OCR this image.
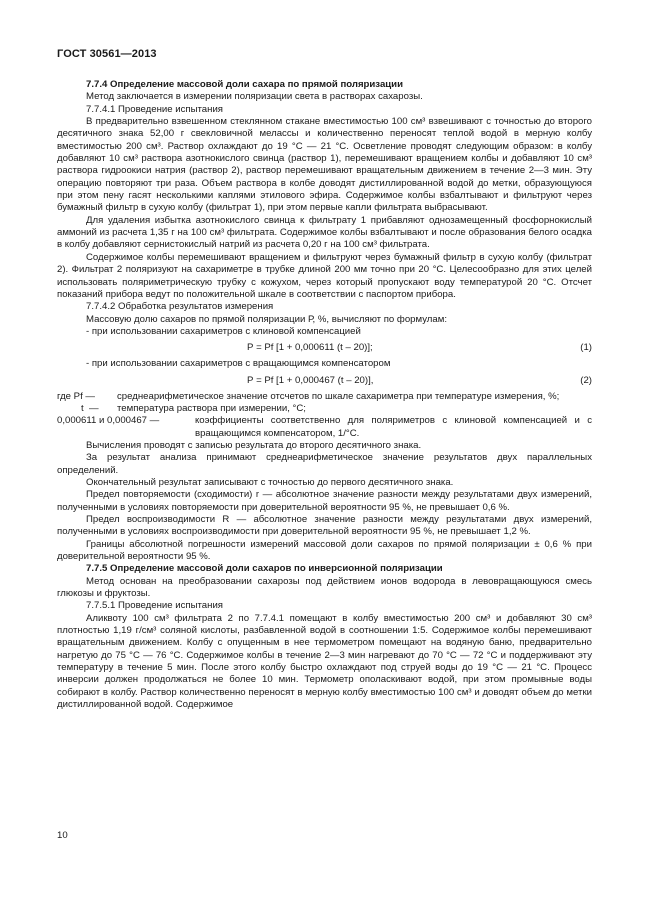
ГОСТ 30561—2013

7.7.4 Определение массовой доли сахара по прямой поляризации

Метод заключается в измерении поляризации света в растворах сахарозы.

7.7.4.1 Проведение испытания

В предварительно взвешенном стеклянном стакане вместимостью 100 см³ взвешивают с точностью до второго десятичного знака 52,00 г свекловичной мелассы и количественно переносят теплой водой в мерную колбу вместимостью 200 см³. Раствор охлаждают до 19 °С — 21 °С. Осветление проводят следующим образом: в колбу добавляют 10 см³ раствора азотнокислого свинца (раствор 1), перемешивают вращением колбы и добавляют 10 см³ раствора гидроокиси натрия (раствор 2), раствор перемешивают вращательным движением в течение 2—3 мин. Эту операцию повторяют три раза. Объем раствора в колбе доводят дистиллированной водой до метки, образующуюся при этом пену гасят несколькими каплями этилового эфира. Содержимое колбы взбалтывают и фильтруют через бумажный фильтр в сухую колбу (фильтрат 1), при этом первые капли фильтрата выбрасывают.

Для удаления избытка азотнокислого свинца к фильтрату 1 прибавляют однозамещенный фосфорнокислый аммоний из расчета 1,35 г на 100 см³ фильтрата. Содержимое колбы взбалтывают и после образования белого осадка в колбу добавляют сернистокислый натрий из расчета 0,20 г на 100 см³ фильтрата.

Содержимое колбы перемешивают вращением и фильтруют через бумажный фильтр в сухую колбу (фильтрат 2). Фильтрат 2 поляризуют на сахариметре в трубке длиной 200 мм точно при 20 °С. Целесообразно для этих целей использовать поляриметрическую трубку с кожухом, через который пропускают воду температурой 20 °С. Отсчет показаний прибора ведут по положительной шкале в соответствии с паспортом прибора.

7.7.4.2 Обработка результатов измерения

Массовую долю сахаров по прямой поляризации Р, %, вычисляют по формулам:

- при использовании сахариметров с клиновой компенсацией

Р = Рf [1 + 0,000611 (t – 20)];	(1)

- при использовании сахариметров с вращающимся компенсатором

Р = Рf [1 + 0,000467 (t – 20)],	(2)
где Рf — среднеарифметическое значение отсчетов по шкале сахариметра при температуре измерения, %;
t  — температура раствора при измерении, °С;
0,000611 и 0,000467 —	коэффициенты соответственно для поляриметров с клиновой компенсацией и с вращающимся компенсатором, 1/°С.

Вычисления проводят с записью результата до второго десятичного знака.

За результат анализа принимают среднеарифметическое значение результатов двух параллельных определений.

Окончательный результат записывают с точностью до первого десятичного знака.

Предел повторяемости (сходимости) r — абсолютное значение разности между результатами двух измерений, полученными в условиях повторяемости при доверительной вероятности 95 %, не превышает 0,6 %.

Предел воспроизводимости R — абсолютное значение разности между результатами двух измерений, полученными в условиях воспроизводимости при доверительной вероятности 95 %, не превышает 1,2 %.

Границы абсолютной погрешности измерений массовой доли сахаров по прямой поляризации ± 0,6 % при доверительной вероятности 95 %.

7.7.5 Определение массовой доли сахаров по инверсионной поляризации

Метод основан на преобразовании сахарозы под действием ионов водорода в левовращающуюся смесь глюкозы и фруктозы.

7.7.5.1 Проведение испытания

Аликвоту 100 см³ фильтрата 2 по 7.7.4.1 помещают в колбу вместимостью 200 см³ и добавляют 30 см³ плотностью 1,19 г/см³ соляной кислоты, разбавленной водой в соотношении 1:5. Содержимое колбы перемешивают вращательным движением. Колбу с опущенным в нее термометром помещают на водяную баню, предварительно нагретую до 75 °С — 76 °С. Содержимое колбы в течение 2—3 мин нагревают до 70 °С — 72 °С и поддерживают эту температуру в течение 5 мин. После этого колбу быстро охлаждают под струей воды до 19 °С — 21 °С. Процесс инверсии должен продолжаться не более 10 мин. Термометр ополаскивают водой, при этом промывные воды собирают в колбу. Раствор количественно переносят в мерную колбу вместимостью 100 см³ и доводят объем до метки дистиллированной водой. Содержимое

10
